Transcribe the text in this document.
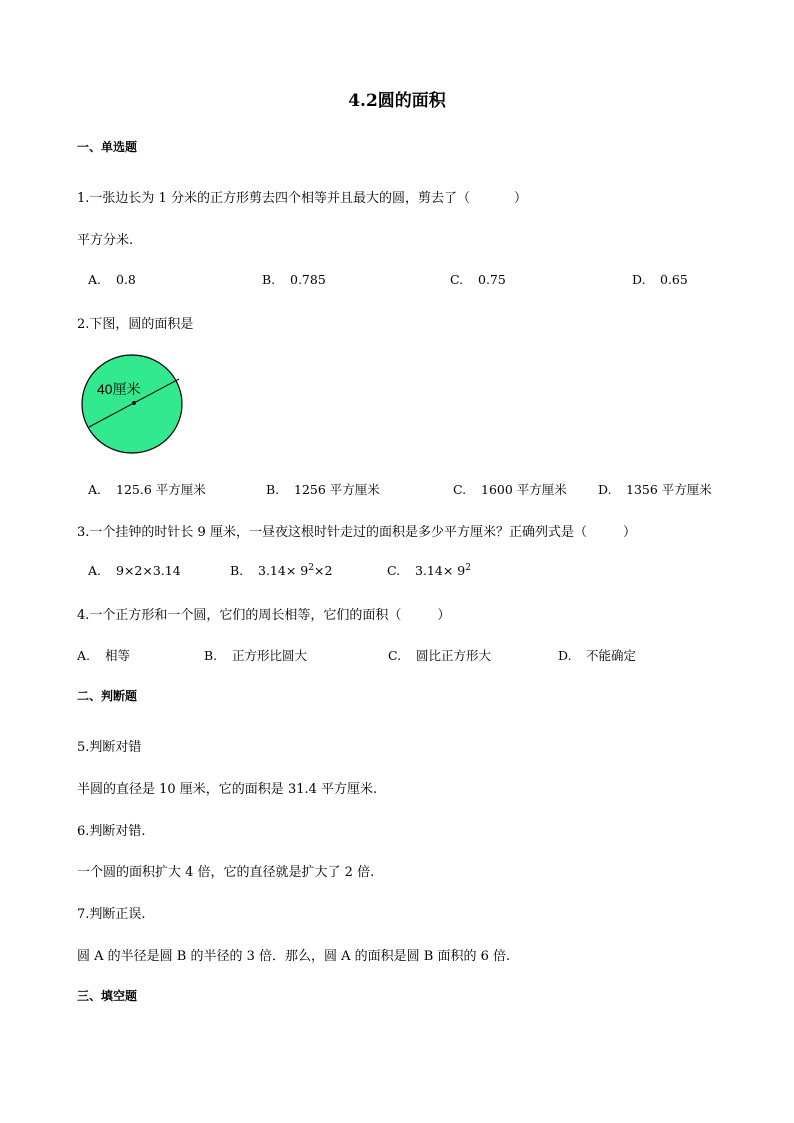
4.2圆的面积
一、单选题
1.一张边长为 1 分米的正方形剪去四个相等并且最大的圆，剪去了（	）
平方分米.
A. 0.8	B. 0.785	C. 0.75	D. 0.65
2.下图，圆的面积是
40厘米
A. 125.6 平方厘米	B. 1256 平方厘米	C. 1600 平方厘米 D. 1356 平方厘米
3.一个挂钟的时针长 9 厘米，一昼夜这根时针走过的面积是多少平方厘米？正确列式是（	）
A. 9×2×3.14	B. $3.14\times 9^2\times 2$	C. $3.14\times 9^2$
4.一个正方形和一个圆，它们的周长相等，它们的面积（	）
A. 相等	B. 正方形比圆大	C. 圆比正方形大	D. 不能确定
二、判断题
5.判断对错
半圆的直径是 10 厘米，它的面积是 31.4 平方厘米.
6.判断对错.
一个圆的面积扩大 4 倍，它的直径就是扩大了 2 倍.
7.判断正误.
圆 A 的半径是圆 B 的半径的 3 倍．那么，圆 A 的面积是圆 B 面积的 6 倍.
三、填空题
